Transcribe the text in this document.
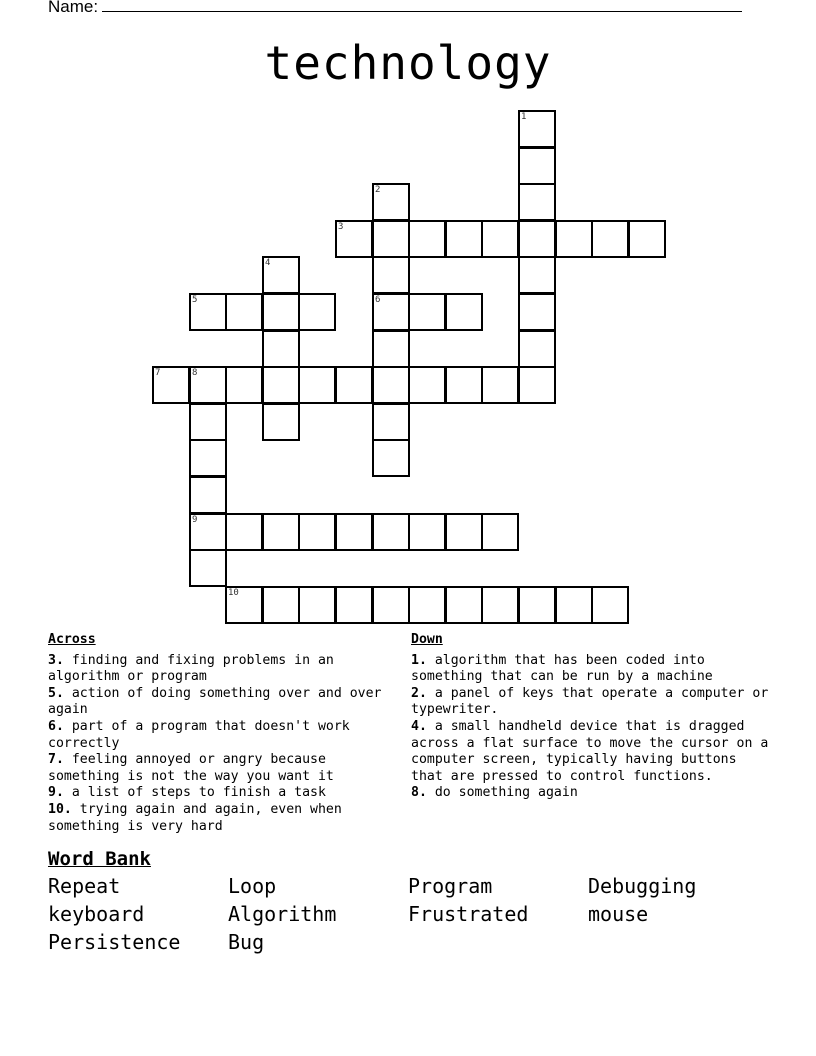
Name:
technology
1
2
3
4
5	6
7	8
9
10
Across
3. finding and fixing problems in an algorithm or program
5. action of doing something over and over again
6. part of a program that doesn't work correctly
7. feeling annoyed or angry because something is not the way you want it
9. a list of steps to finish a task
10. trying again and again, even when something is very hard
Down
1. algorithm that has been coded into something that can be run by a machine
2. a panel of keys that operate a computer or typewriter.
4. a small handheld device that is dragged across a flat surface to move the cursor on a computer screen, typically having buttons that are pressed to control functions.
8. do something again
Word Bank
Repeat	Loop	Program	Debugging
keyboard	Algorithm	Frustrated	mouse
Persistence	Bug
